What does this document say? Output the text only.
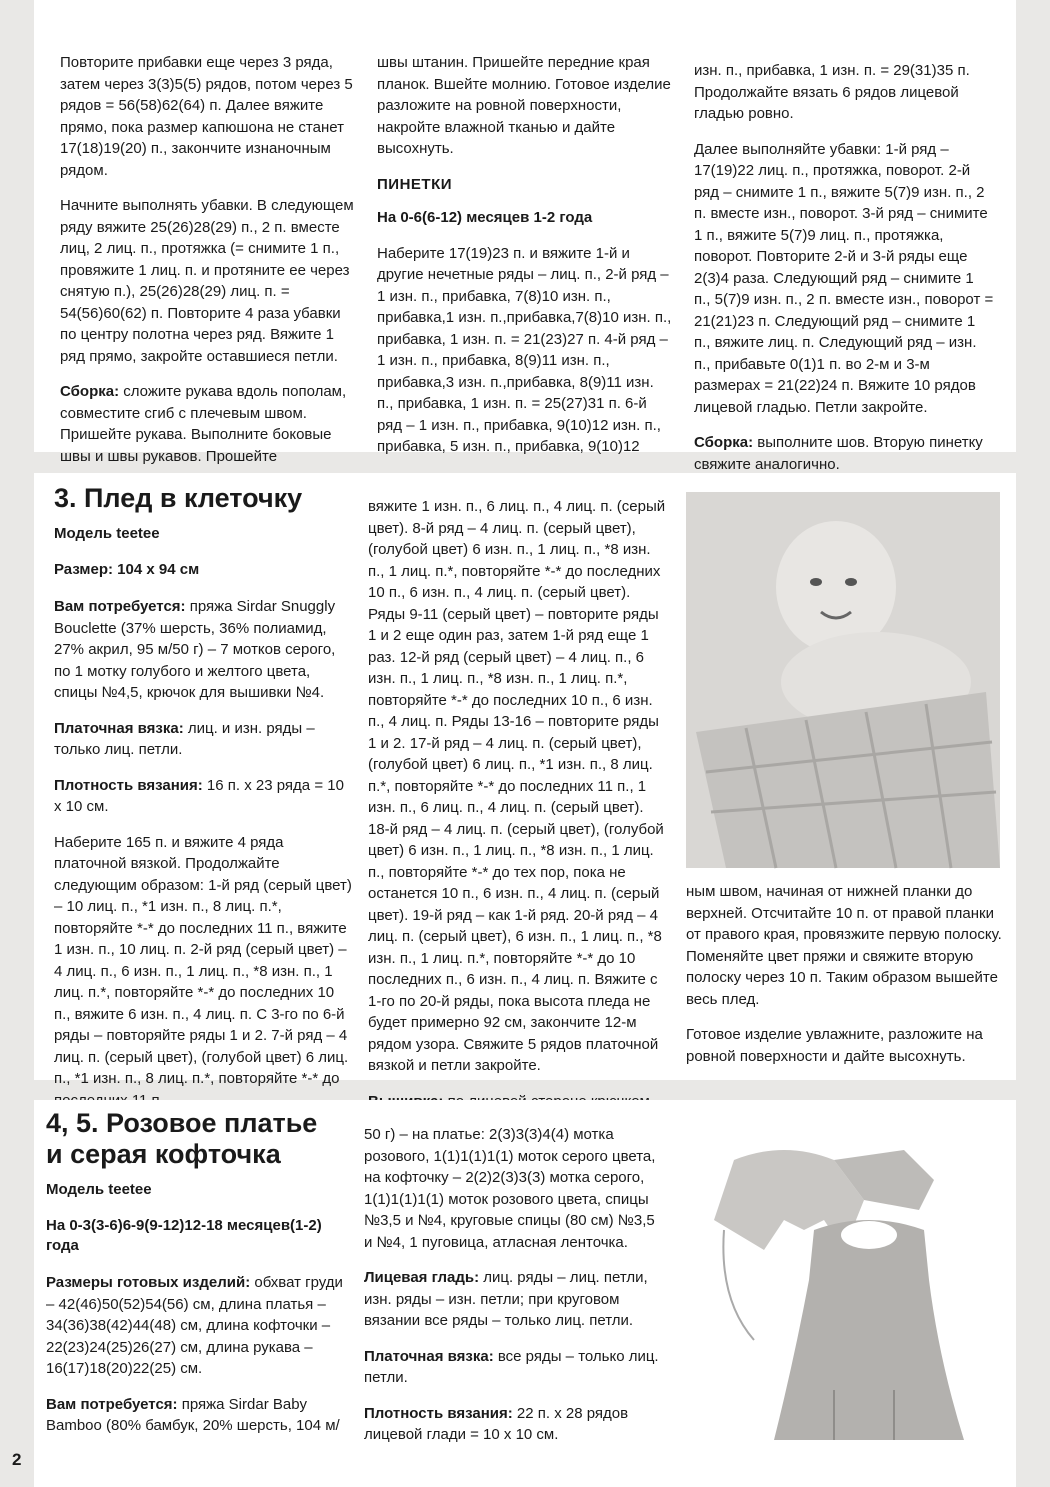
Повторите прибавки еще через 3 ряда, затем через 3(3)5(5) рядов, потом через 5 рядов = 56(58)62(64) п. Далее вяжите прямо, пока размер капюшона не станет 17(18)19(20) п., закончите изнаночным рядом.

Начните выполнять убавки. В следующем ряду вяжите 25(26)28(29) п., 2 п. вместе лиц, 2 лиц. п., протяжка (= снимите 1 п., провяжите 1 лиц. п. и протяните ее через снятую п.), 25(26)28(29) лиц. п. = 54(56)60(62) п. Повторите 4 раза убавки по центру полотна через ряд. Вяжите 1 ряд прямо, закройте оставшиеся петли.

Сборка: сложите рукава вдоль пополам, совместите сгиб с плечевым швом. Пришейте рукава. Выполните боковые швы и швы рукавов. Прошейте

швы штанин. Пришейте передние края планок. Вшейте молнию. Готовое изделие разложите на ровной поверхности, накройте влажной тканью и дайте высохнуть.

ПИНЕТКИ
На 0-6(6-12) месяцев 1-2 года

Наберите 17(19)23 п. и вяжите 1-й и другие нечетные ряды – лиц. п., 2-й ряд – 1 изн. п., прибавка, 7(8)10 изн. п., прибавка,1 изн. п.,прибавка,7(8)10 изн. п., прибавка, 1 изн. п. = 21(23)27 п. 4-й ряд – 1 изн. п., прибавка, 8(9)11 изн. п., прибавка,3 изн. п.,прибавка, 8(9)11 изн. п., прибавка, 1 изн. п. = 25(27)31 п. 6-й ряд – 1 изн. п., прибавка, 9(10)12 изн. п., прибавка, 5 изн. п., прибавка, 9(10)12

изн. п., прибавка, 1 изн. п. = 29(31)35 п. Продолжайте вязать 6 рядов лицевой гладью ровно.

Далее выполняйте убавки: 1-й ряд – 17(19)22 лиц. п., протяжка, поворот. 2-й ряд – снимите 1 п., вяжите 5(7)9 изн. п., 2 п. вместе изн., поворот. 3-й ряд – снимите 1 п., вяжите 5(7)9 лиц. п., протяжка, поворот. Повторите 2-й и 3-й ряды еще 2(3)4 раза. Следующий ряд – снимите 1 п., 5(7)9 изн. п., 2 п. вместе изн., поворот = 21(21)23 п. Следующий ряд – снимите 1 п., вяжите лиц. п. Следующий ряд – изн. п., прибавьте 0(1)1 п. во 2-м и 3-м размерах = 21(22)24 п. Вяжите 10 рядов лицевой гладью. Петли закройте.

Сборка: выполните шов. Вторую пинетку свяжите аналогично.

3. Плед в клеточку
Модель teetee
Размер: 104 х 94 см

Вам потребуется: пряжа Sirdar Snuggly Bouclette (37% шерсть, 36% полиамид, 27% акрил, 95 м/50 г) – 7 мотков серого, по 1 мотку голубого и желтого цвета, спицы №4,5, крючок для вышивки №4.

Платочная вязка: лиц. и изн. ряды – только лиц. петли.

Плотность вязания: 16 п. х 23 ряда = 10 х 10 см.

Наберите 165 п. и вяжите 4 ряда платочной вязкой. Продолжайте следующим образом: 1-й ряд (серый цвет) – 10 лиц. п., *1 изн. п., 8 лиц. п.*, повторяйте *-* до последних 11 п., вяжите 1 изн. п., 10 лиц. п. 2-й ряд (серый цвет) – 4 лиц. п., 6 изн. п., 1 лиц. п., *8 изн. п., 1 лиц. п.*, повторяйте *-* до последних 10 п., вяжите 6 изн. п., 4 лиц. п. С 3-го по 6-й ряды – повторяйте ряды 1 и 2. 7-й ряд – 4 лиц. п. (серый цвет), (голубой цвет) 6 лиц. п., *1 изн. п., 8 лиц. п.*, повторяйте *-* до

вяжите 1 изн. п., 6 лиц. п., 4 лиц. п. (серый цвет). 8-й ряд – 4 лиц. п. (серый цвет), (голубой цвет) 6 изн. п., 1 лиц. п., *8 изн. п., 1 лиц. п.*, повторяйте *-* до последних 10 п., 6 изн. п., 4 лиц. п. (серый цвет). Ряды 9-11 (серый цвет) – повторите ряды 1 и 2 еще один раз, затем 1-й ряд еще 1 раз. 12-й ряд (серый цвет) – 4 лиц. п., 6 изн. п., 1 лиц. п., *8 изн. п., 1 лиц. п.*, повторяйте *-* до последних 10 п., 6 изн. п., 4 лиц. п. Ряды 13-16 – повторите ряды 1 и 2. 17-й ряд – 4 лиц. п. (серый цвет), (голубой цвет) 6 лиц. п., *1 изн. п., 8 лиц. п.*, повторяйте *-* до последних 11 п., 1 изн. п., 6 лиц. п., 4 лиц. п. (серый цвет). 18-й ряд – 4 лиц. п. (серый цвет), (голубой цвет) 6 изн. п., 1 лиц. п., *8 изн. п., 1 лиц. п., повторяйте *-* до тех пор, пока не останется 10 п., 6 изн. п., 4 лиц. п. (серый цвет). 19-й ряд – как 1-й ряд. 20-й ряд – 4 лиц. п. (серый цвет), 6 изн. п., 1 лиц. п., *8 изн. п., 1 лиц. п.*, повторяйте *-* до 10 последних п., 6 изн. п., 4 лиц. п. Вяжите с 1-го по 20-й ряды, пока высота пледа не будет примерно 92 см, закончите 12-м рядом узора. Свяжите 5 рядов платочной вязкой и петли закройте.

ным швом, начиная от нижней планки до верхней. Отсчитайте 10 п. от правой планки от правого края, провязжите первую полоску. Поменяйте цвет пряжи и свяжите вторую полоску через 10 п. Таким образом вышейте весь плед.

Готовое изделие увлажните, разложите на ровной поверхности и дайте высохнуть.

4, 5. Розовое платье
и серая кофточка
Модель teetee
На 0-3(3-6)6-9(9-12)12-18 месяцев(1-2) года

Размеры готовых изделий: обхват груди – 42(46)50(52)54(56) см, длина платья – 34(36)38(42)44(48) см, длина кофточки – 22(23)24(25)26(27) см, длина рукава – 16(17)18(20)22(25) см.

Вам потребуется: пряжа Sirdar Baby Bamboo (80% бамбук, 20% шерсть, 104 м/

50 г) – на платье: 2(3)3(3)4(4) мотка розового, 1(1)1(1)1(1) моток серого цвета, на кофточку – 2(2)2(3)3(3) мотка серого, 1(1)1(1)1(1) моток розового цвета, спицы №3,5 и №4, круговые спицы (80 см) №3,5 и №4, 1 пуговица, атласная ленточка.

Лицевая гладь: лиц. ряды – лиц. петли, изн. ряды – изн. петли; при круговом вязании все ряды – только лиц. петли.

Платочная вязка: все ряды – только лиц. петли.

Плотность вязания: 22 п. х 28 рядов лицевой глади = 10 х 10 см.

2
